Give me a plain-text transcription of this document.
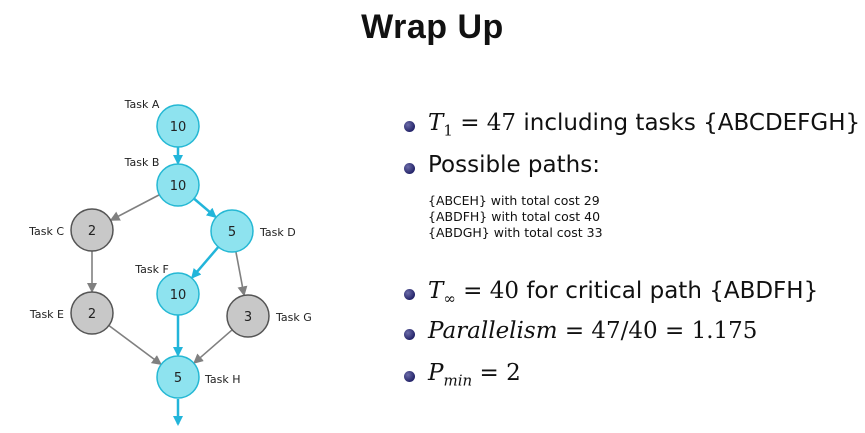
Wrap Up
10
Task A
10
Task B
2
Task C	5 Task D
2
Task E
10
Task F
3 Task G
5 Task H
$T_1 = 47$ including tasks {ABCDEFGH}
Possible paths:
{ABCEH} with total cost 29
{ABDFH} with total cost 40
{ABDGH} with total cost 33
$T_\infty = 40$ for critical path {ABDFH}
Parallelism = 47/40 = 1.175
$P_{min} = 2$
